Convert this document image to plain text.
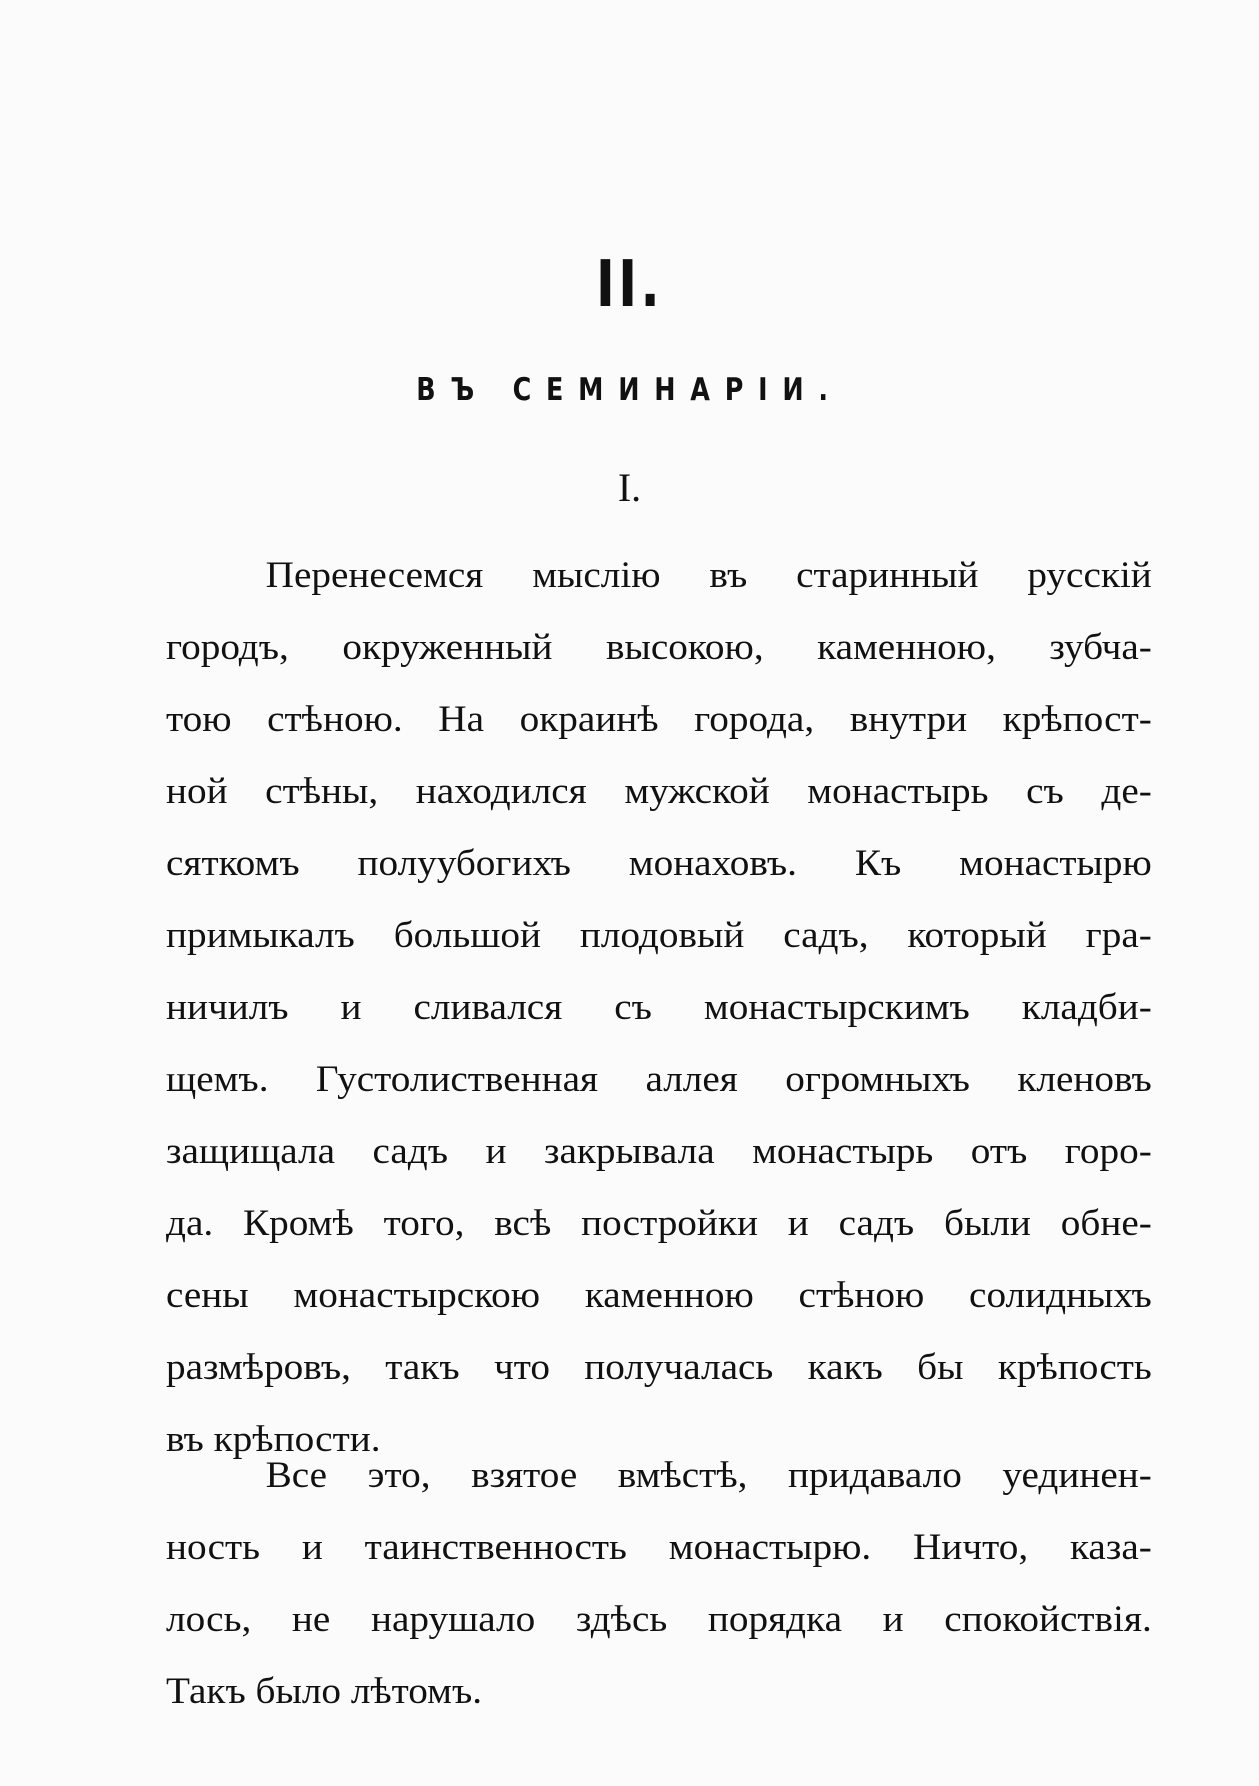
II.
ВЪ СЕМИНАРІИ.
I.
Перенесемся мыслію въ старинный русскій
городъ, окруженный высокою, каменною, зубча-
тою стѣною. На окраинѣ города, внутри крѣпост-
ной стѣны, находился мужской монастырь съ де-
сяткомъ полуубогихъ монаховъ. Къ монастырю
примыкалъ большой плодовый садъ, который гра-
ничилъ и сливался съ монастырскимъ кладби-
щемъ. Густолиственная аллея огромныхъ кленовъ
защищала садъ и закрывала монастырь отъ горо-
да. Кромѣ того, всѣ постройки и садъ были обне-
сены монастырскою каменною стѣною солидныхъ
размѣровъ, такъ что получалась какъ бы крѣпость
въ крѣпости.
Все это, взятое вмѣстѣ, придавало уединен-
ность и таинственность монастырю. Ничто, каза-
лось, не нарушало здѣсь порядка и спокойствія.
Такъ было лѣтомъ.
